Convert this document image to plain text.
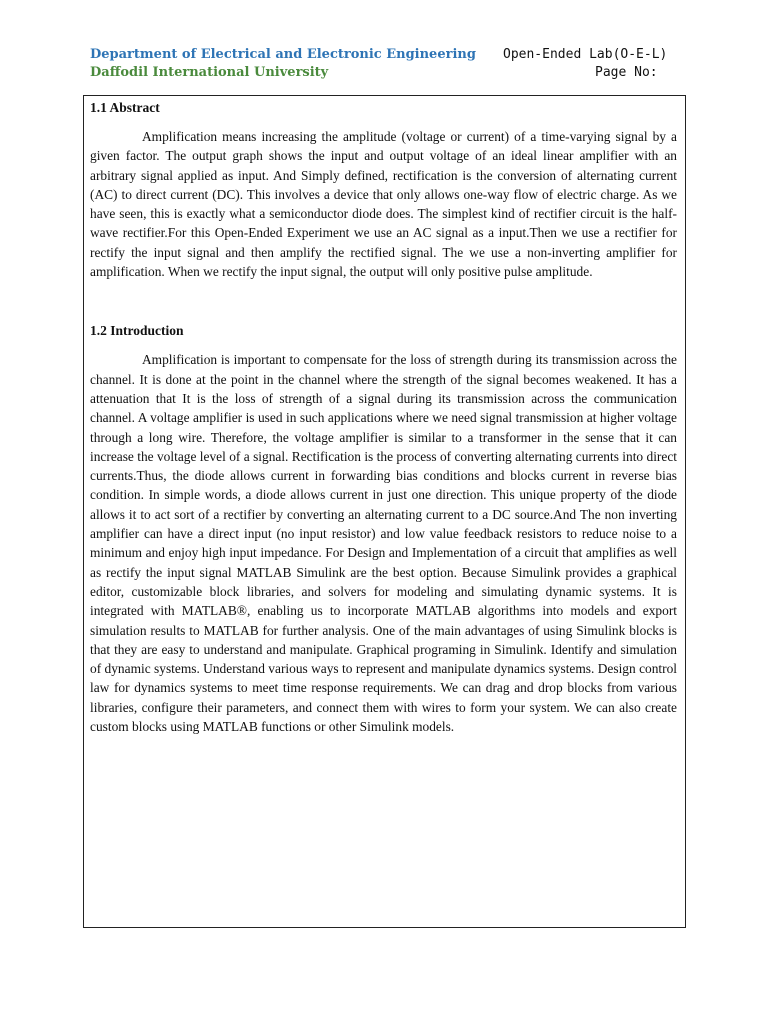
Department of Electrical and Electronic Engineering
Daffodil International University
Open-Ended Lab(O-E-L)
Page No:
1.1 Abstract

Amplification means increasing the amplitude (voltage or current) of a time-varying signal by a given factor. The output graph shows the input and output voltage of an ideal linear amplifier with an arbitrary signal applied as input. And Simply defined, rectification is the conversion of alternating current (AC) to direct current (DC). This involves a device that only allows one-way flow of electric charge. As we have seen, this is exactly what a semiconductor diode does. The simplest kind of rectifier circuit is the half-wave rectifier.For this Open-Ended Experiment we use an AC signal as a input.Then we use a rectifier for rectify the input signal and then amplify the rectified signal. The we use a non-inverting amplifier for amplification. When we rectify the input signal, the output will only positive pulse amplitude.

1.2 Introduction

Amplification is important to compensate for the loss of strength during its transmission across the channel. It is done at the point in the channel where the strength of the signal becomes weakened. It has a attenuation that It is the loss of strength of a signal during its transmission across the communication channel. A voltage amplifier is used in such applications where we need signal transmission at higher voltage through a long wire. Therefore, the voltage amplifier is similar to a transformer in the sense that it can increase the voltage level of a signal. Rectification is the process of converting alternating currents into direct currents.Thus, the diode allows current in forwarding bias conditions and blocks current in reverse bias condition. In simple words, a diode allows current in just one direction. This unique property of the diode allows it to act sort of a rectifier by converting an alternating current to a DC source.And The non inverting amplifier can have a direct input (no input resistor) and low value feedback resistors to reduce noise to a minimum and enjoy high input impedance. For Design and Implementation of a circuit that amplifies as well as rectify the input signal MATLAB Simulink are the best option. Because Simulink provides a graphical editor, customizable block libraries, and solvers for modeling and simulating dynamic systems. It is integrated with MATLAB®, enabling us to incorporate MATLAB algorithms into models and export simulation results to MATLAB for further analysis. One of the main advantages of using Simulink blocks is that they are easy to understand and manipulate. Graphical programing in Simulink. Identify and simulation of dynamic systems. Understand various ways to represent and manipulate dynamics systems. Design control law for dynamics systems to meet time response requirements. We can drag and drop blocks from various libraries, configure their parameters, and connect them with wires to form your system. We can also create custom blocks using MATLAB functions or other Simulink models.
